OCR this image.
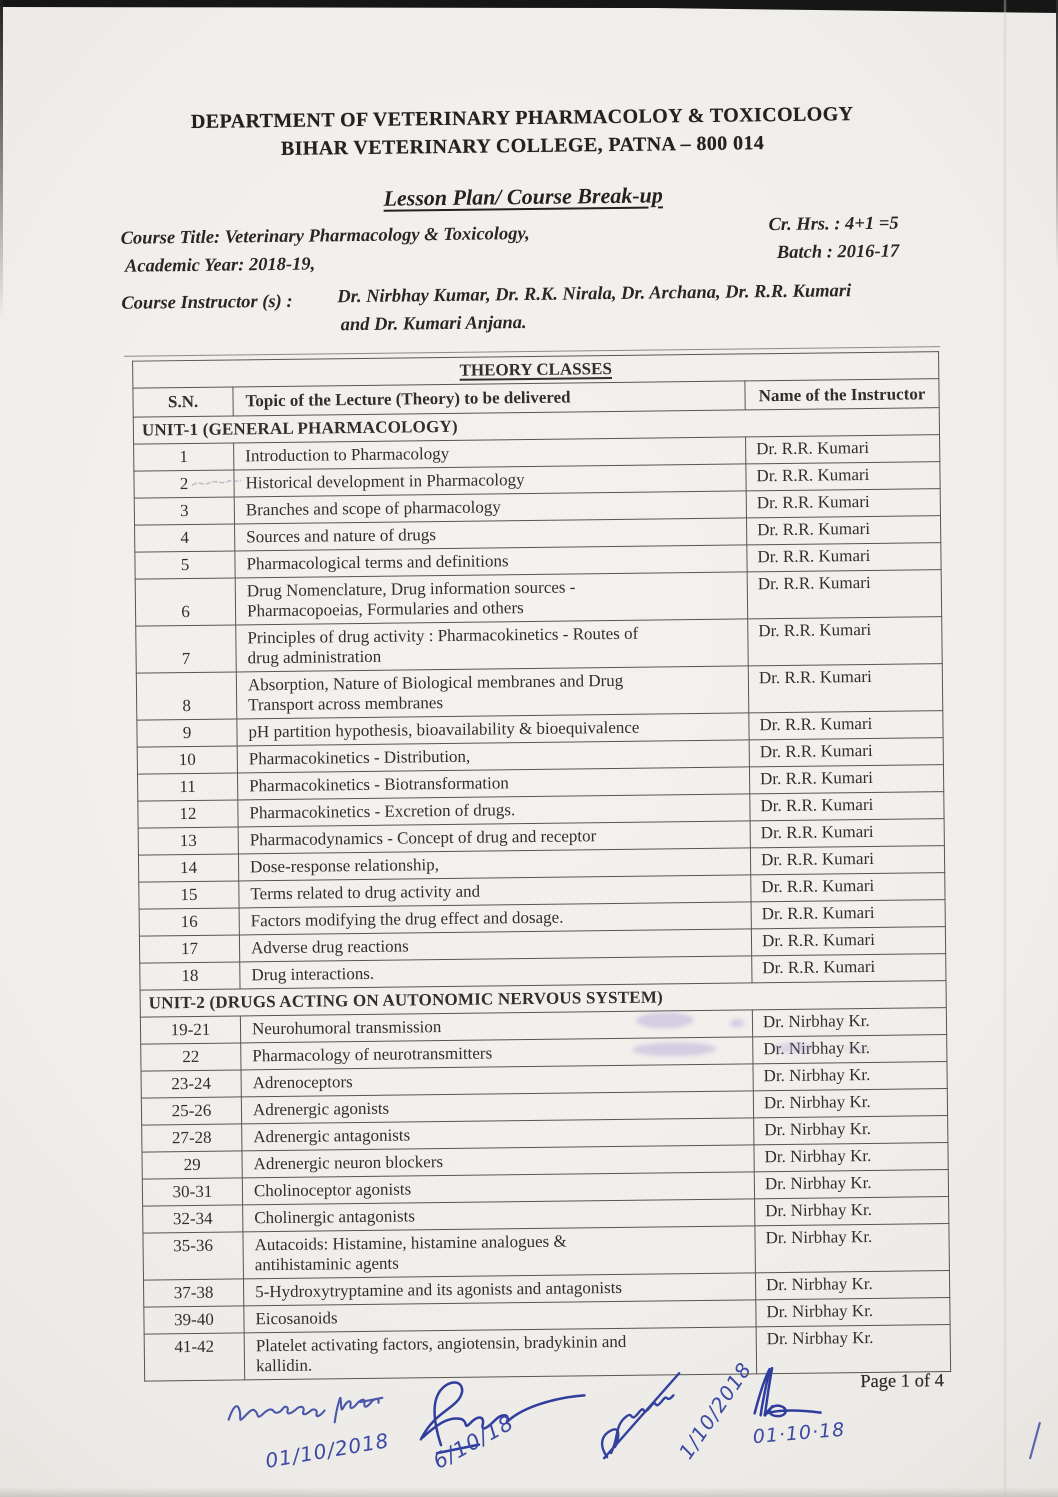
DEPARTMENT OF VETERINARY PHARMACOLOY & TOXICOLOGY
BIHAR VETERINARY COLLEGE, PATNA – 800 014
Lesson Plan/ Course Break-up
Course Title: Veterinary Pharmacology & Toxicology,
Academic Year: 2018-19,
Cr. Hrs. : 4+1 =5
Batch : 2016-17
Course Instructor (s) : Dr. Nirbhay Kumar, Dr. R.K. Nirala, Dr. Archana, Dr. R.R. Kumari
and Dr. Kumari Anjana.
THEORY CLASSES		
S.N.	Topic of the Lecture (Theory) to be delivered	Name of the Instructor
UNIT-1 (GENERAL PHARMACOLOGY)		
1	Introduction to Pharmacology	Dr. R.R. Kumari
2	Historical development in Pharmacology	Dr. R.R. Kumari
3	Branches and scope of pharmacology	Dr. R.R. Kumari
4	Sources and nature of drugs	Dr. R.R. Kumari
5	Pharmacological terms and definitions	Dr. R.R. Kumari
6	Drug Nomenclature, Drug information sources -
Pharmacopoeias, Formularies and others	Dr. R.R. Kumari
7	Principles of drug activity : Pharmacokinetics - Routes of
drug administration	Dr. R.R. Kumari
8	Absorption, Nature of Biological membranes and Drug
Transport across membranes	Dr. R.R. Kumari
9	pH partition hypothesis, bioavailability & bioequivalence	Dr. R.R. Kumari
10	Pharmacokinetics - Distribution,	Dr. R.R. Kumari
11	Pharmacokinetics - Biotransformation	Dr. R.R. Kumari
12	Pharmacokinetics - Excretion of drugs.	Dr. R.R. Kumari
13	Pharmacodynamics - Concept of drug and receptor	Dr. R.R. Kumari
14	Dose-response relationship,	Dr. R.R. Kumari
15	Terms related to drug activity and	Dr. R.R. Kumari
16	Factors modifying the drug effect and dosage.	Dr. R.R. Kumari
17	Adverse drug reactions	Dr. R.R. Kumari
18	Drug interactions.	Dr. R.R. Kumari
UNIT-2 (DRUGS ACTING ON AUTONOMIC NERVOUS SYSTEM)		
19-21	Neurohumoral transmission	Dr. Nirbhay Kr.
22	Pharmacology of neurotransmitters	Dr. Nirbhay Kr.
23-24	Adrenoceptors	Dr. Nirbhay Kr.
25-26	Adrenergic agonists	Dr. Nirbhay Kr.
27-28	Adrenergic antagonists	Dr. Nirbhay Kr.
29	Adrenergic neuron blockers	Dr. Nirbhay Kr.
30-31	Cholinoceptor agonists	Dr. Nirbhay Kr.
32-34	Cholinergic antagonists	Dr. Nirbhay Kr.
35-36	Autacoids: Histamine, histamine analogues &
antihistaminic agents	Dr. Nirbhay Kr.
37-38	5-Hydroxytryptamine and its agonists and antagonists	Dr. Nirbhay Kr.
39-40	Eicosanoids	Dr. Nirbhay Kr.
41-42	Platelet activating factors, angiotensin, bradykinin and
kallidin.	Dr. Nirbhay Kr.
Page 1 of 4
01/10/2018 6/10/18	1/10/2018
01·10·18
